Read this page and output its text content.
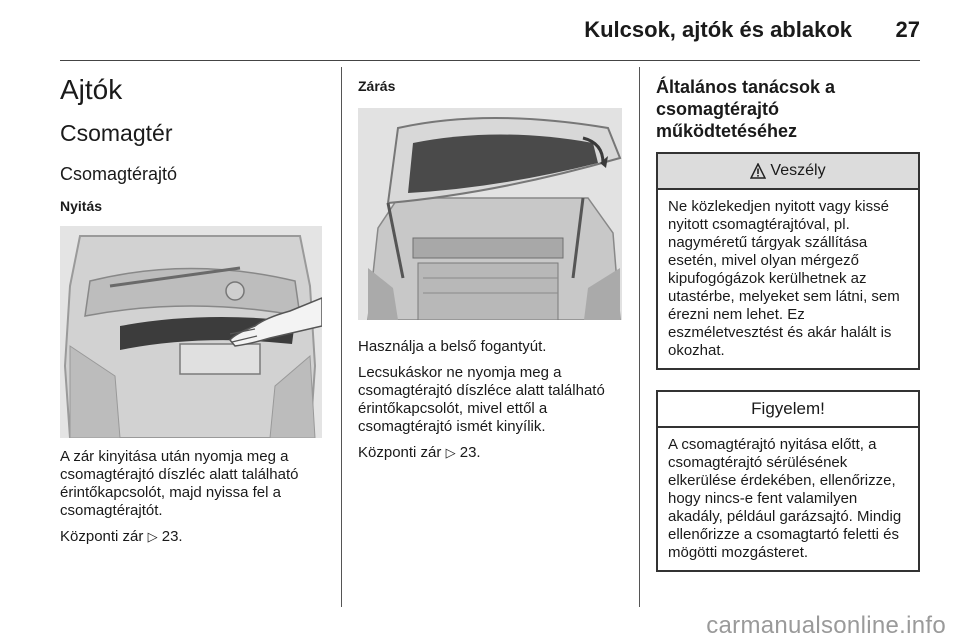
Kulcsok, ajtók és ablakok 27
Ajtók
Csomagtér
Csomagtérajtó
Nyitás
A zár kinyitása után nyomja meg a csomagtérajtó díszléc alatt található érintőkapcsolót, majd nyissa fel a csomagtérajtót.
Központi zár ▷ 23.
Zárás
Használja a belső fogantyút.
Lecsukáskor ne nyomja meg a csomagtérajtó díszléce alatt található érintőkapcsolót, mivel ettől a csomagtérajtó ismét kinyílik.
Központi zár ▷ 23.
Általános tanácsok a csomagtérajtó működtetéséhez
Veszély
Ne közlekedjen nyitott vagy kissé nyitott csomagtérajtóval, pl. nagyméretű tárgyak szállítása esetén, mivel olyan mérgező kipufogógázok kerülhetnek az utastérbe, melyeket sem látni, sem érezni nem lehet. Ez eszméletvesztést és akár halált is okozhat.
Figyelem!
A csomagtérajtó nyitása előtt, a csomagtérajtó sérülésének elkerülése érdekében, ellenőrizze, hogy nincs-e fent valamilyen akadály, például garázsajtó. Mindig ellenőrizze a csomagtartó feletti és mögötti mozgásteret.
carmanualsonline.info
